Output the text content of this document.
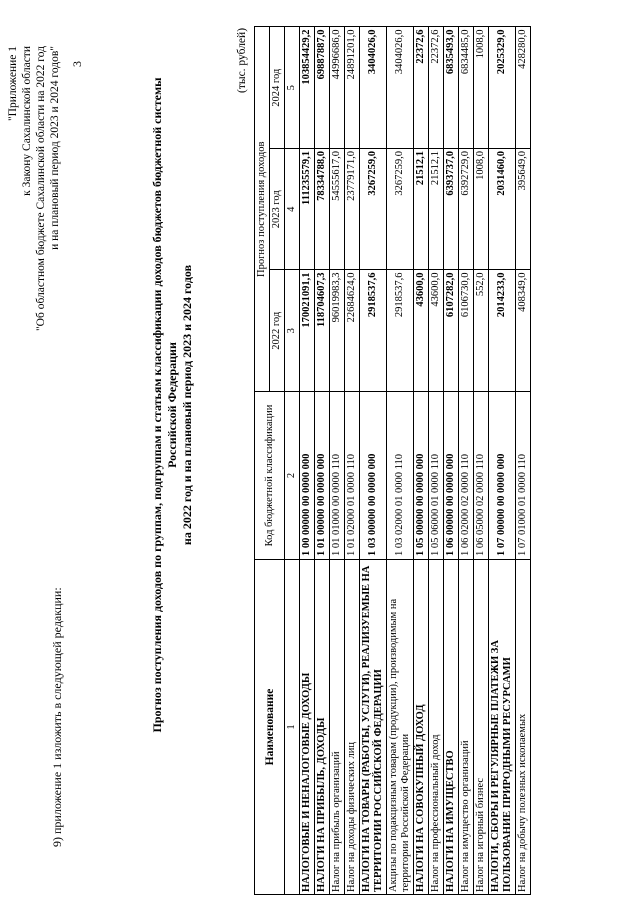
3
9) приложение 1 изложить в следующей редакции:
"Приложение 1 к Закону Сахалинской области "Об областном бюджете Сахалинской области на 2022 год и на плановый период 2023 и 2024 годов"	Прогноз поступления доходов по группам, подгруппам и статьям классификации доходов бюджетов бюджетной системы Российской Федерации на 2022 год и на плановый период 2023 и 2024 годов
(тыс. рублей)
Наименование	Код бюджетной классификации	Прогноз поступления доходов		
		2022 год	2023 год	2024 год
1	2	3	4	5
НАЛОГОВЫЕ И НЕНАЛОГОВЫЕ ДОХОДЫ	1 00 00000 00 0000 000	170021091,1	111235579,1	103854429,2
НАЛОГИ НА ПРИБЫЛЬ, ДОХОДЫ	1 01 00000 00 0000 000	118704607,3	78334788,0	69887887,0
Налог на прибыль организаций	1 01 01000 00 0000 110	96019983,3	54555617,0	44996686,0
Налог на доходы физических лиц	1 01 02000 01 0000 110	22684624,0	23779171,0	24891201,0
НАЛОГИ НА ТОВАРЫ (РАБОТЫ, УСЛУГИ), РЕАЛИЗУЕМЫЕ НА ТЕРРИТОРИИ РОССИЙСКОЙ ФЕДЕРАЦИИ	1 03 00000 00 0000 000	2918537,6	3267259,0	3404026,0
Акцизы по подакцизным товарам (продукции), производимым на территории Российской Федерации	1 03 02000 01 0000 110	2918537,6	3267259,0	3404026,0
НАЛОГИ НА СОВОКУПНЫЙ ДОХОД	1 05 00000 00 0000 000	43600,0	21512,1	22372,6
Налог на профессиональный доход	1 05 06000 01 0000 110	43600,0	21512,1	22372,6
НАЛОГИ НА ИМУЩЕСТВО	1 06 00000 00 0000 000	6107282,0	6393737,0	6835493,0
Налог на имущество организаций	1 06 02000 02 0000 110	6106730,0	6392729,0	6834485,0
Налог на игорный бизнес	1 06 05000 02 0000 110	552,0	1008,0	1008,0
НАЛОГИ, СБОРЫ И РЕГУЛЯРНЫЕ ПЛАТЕЖИ ЗА ПОЛЬЗОВАНИЕ ПРИРОДНЫМИ РЕСУРСАМИ	1 07 00000 00 0000 000	2014233,0	2031460,0	2025329,0
Налог на добычу полезных ископаемых	1 07 01000 01 0000 110	408349,0	395649,0	428280,0
